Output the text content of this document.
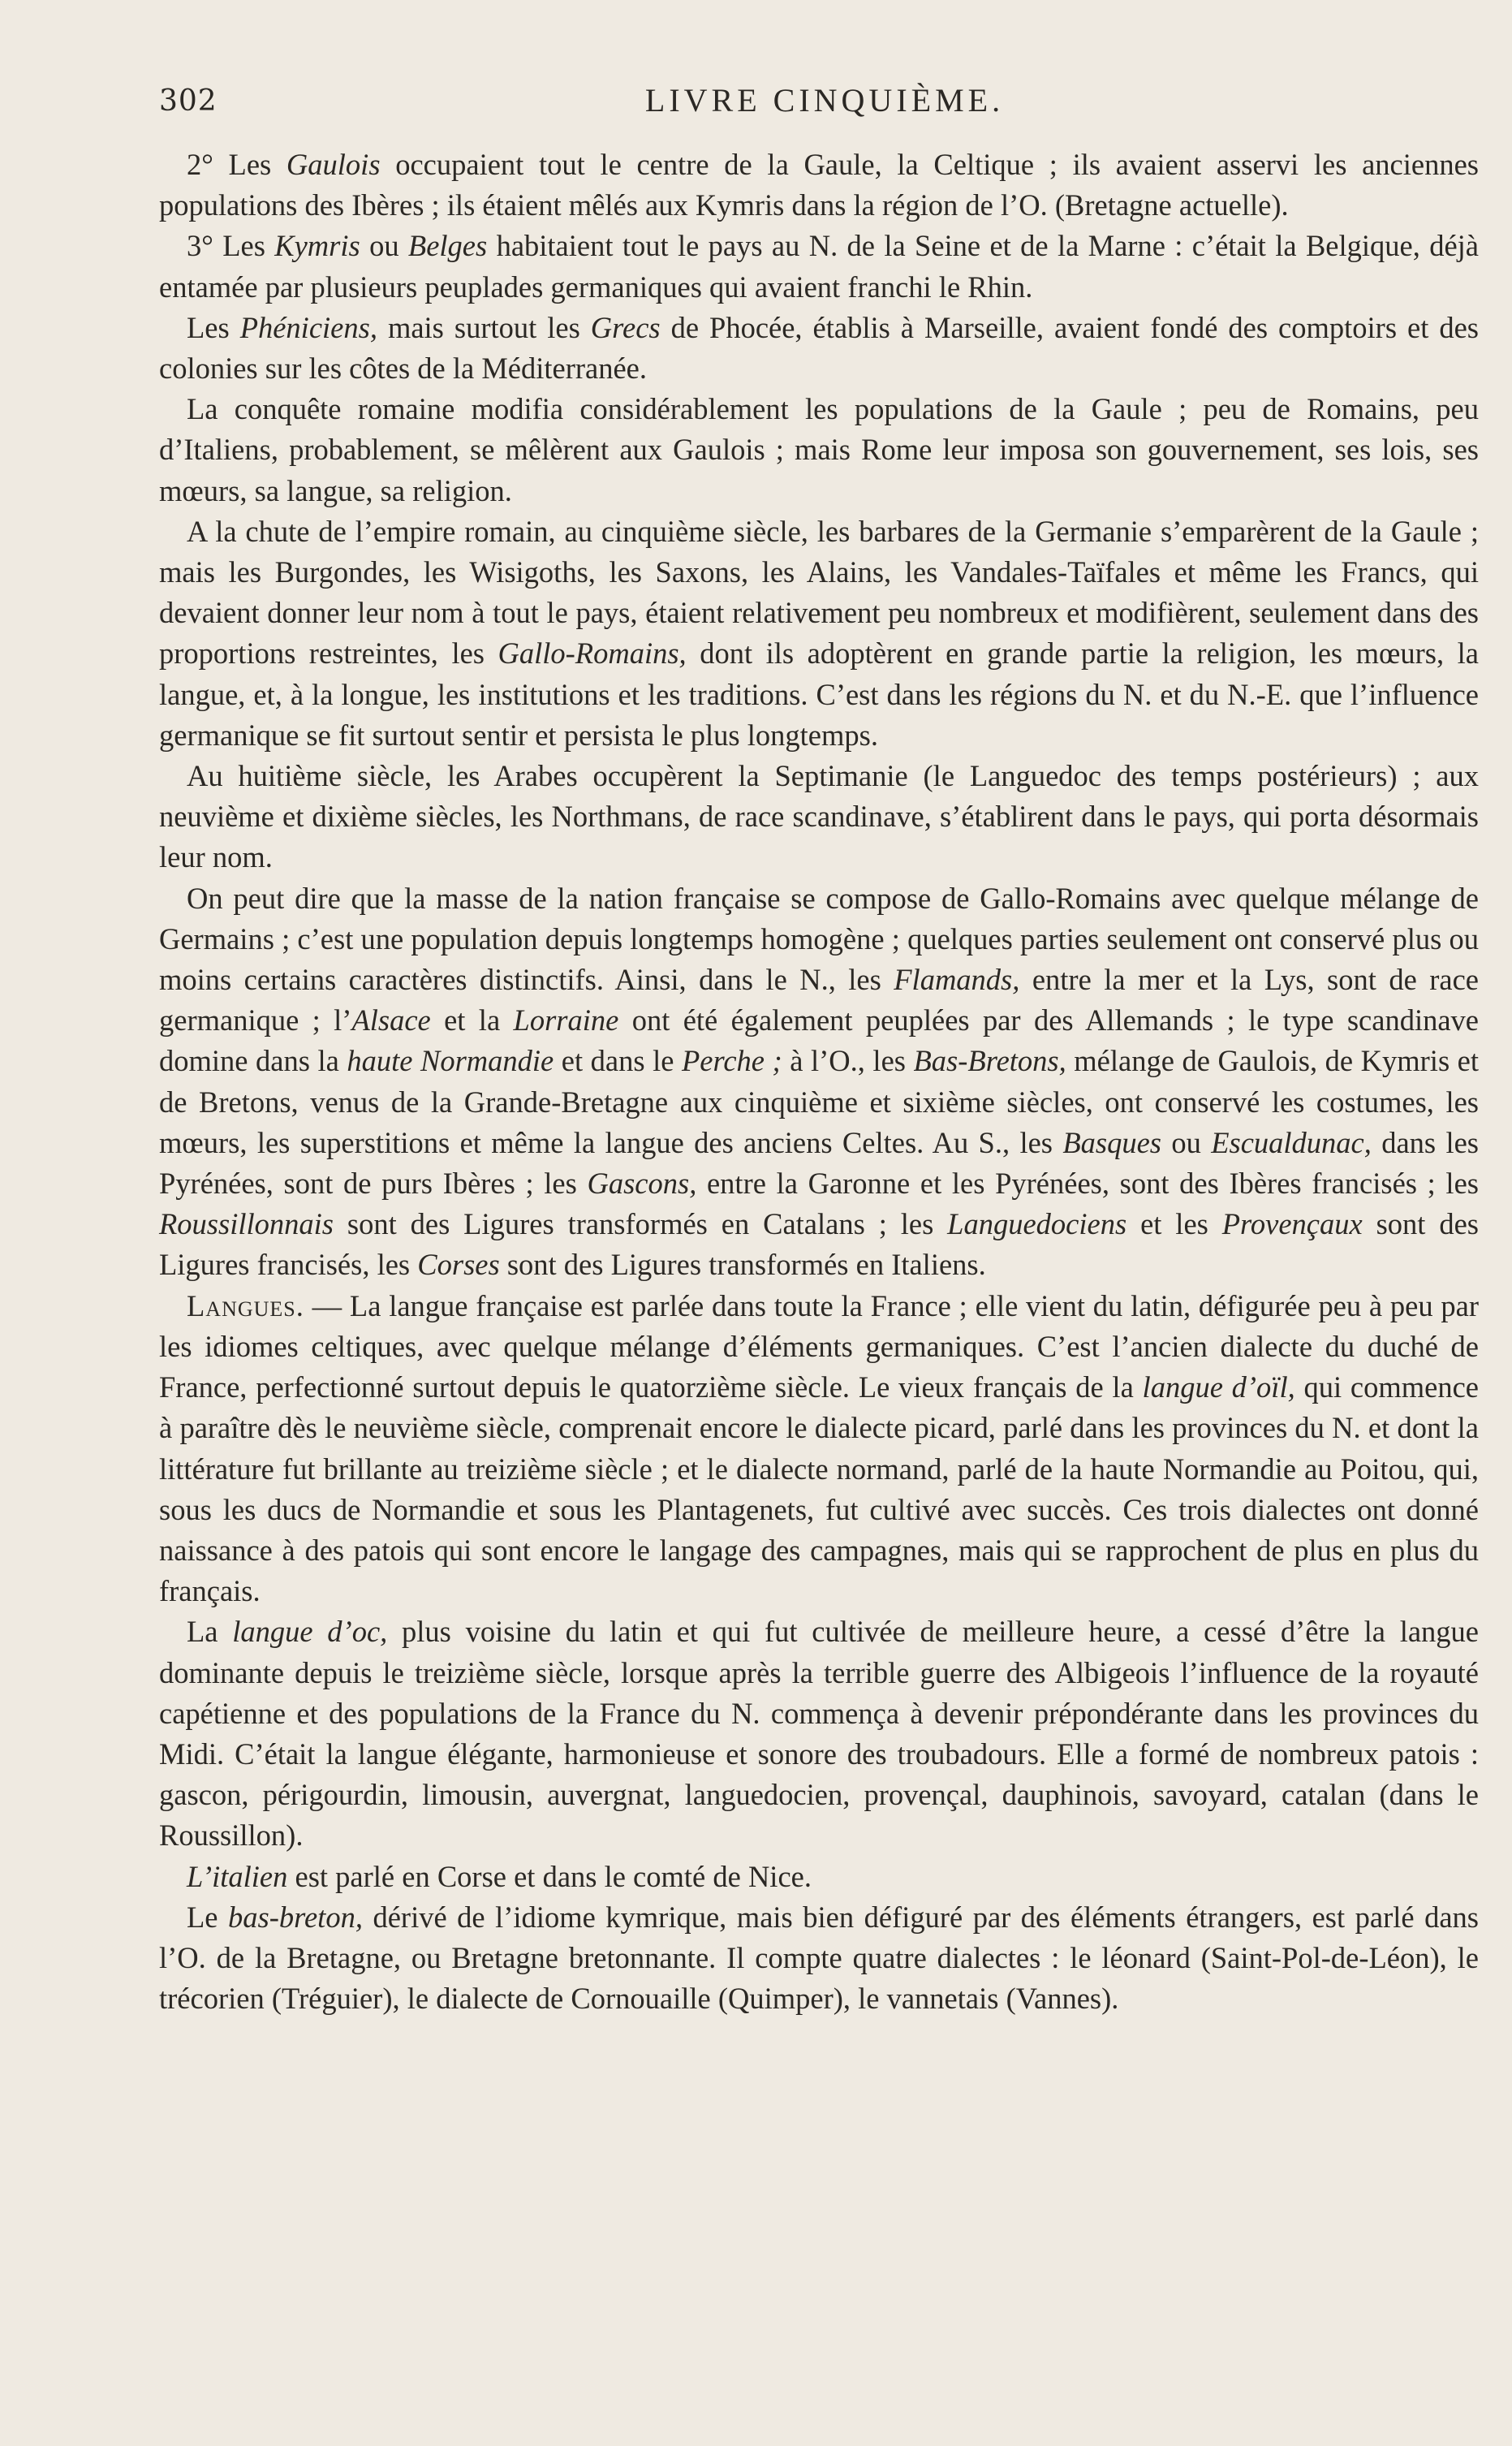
302	LIVRE CINQUIÈME.

2° Les Gaulois occupaient tout le centre de la Gaule, la Celtique ; ils avaient asservi les anciennes populations des Ibères ; ils étaient mêlés aux Kymris dans la région de l’O. (Bretagne actuelle).

3° Les Kymris ou Belges habitaient tout le pays au N. de la Seine et de la Marne : c’était la Belgique, déjà entamée par plusieurs peuplades germaniques qui avaient franchi le Rhin.

Les Phéniciens, mais surtout les Grecs de Phocée, établis à Marseille, avaient fondé des comptoirs et des colonies sur les côtes de la Méditerranée.

La conquête romaine modifia considérablement les populations de la Gaule ; peu de Romains, peu d’Italiens, probablement, se mêlèrent aux Gaulois ; mais Rome leur imposa son gouvernement, ses lois, ses mœurs, sa langue, sa religion.

A la chute de l’empire romain, au cinquième siècle, les barbares de la Germanie s’emparèrent de la Gaule ; mais les Burgondes, les Wisigoths, les Saxons, les Alains, les Vandales-Taïfales et même les Francs, qui devaient donner leur nom à tout le pays, étaient relativement peu nombreux et modifièrent, seulement dans des proportions restreintes, les Gallo-Romains, dont ils adoptèrent en grande partie la religion, les mœurs, la langue, et, à la longue, les institutions et les traditions. C’est dans les régions du N. et du N.-E. que l’influence germanique se fit surtout sentir et persista le plus longtemps.

Au huitième siècle, les Arabes occupèrent la Septimanie (le Languedoc des temps postérieurs) ; aux neuvième et dixième siècles, les Northmans, de race scandinave, s’établirent dans le pays, qui porta désormais leur nom.

On peut dire que la masse de la nation française se compose de Gallo-Romains avec quelque mélange de Germains ; c’est une population depuis longtemps homogène ; quelques parties seulement ont conservé plus ou moins certains caractères distinctifs. Ainsi, dans le N., les Flamands, entre la mer et la Lys, sont de race germanique ; l’Alsace et la Lorraine ont été également peuplées par des Allemands ; le type scandinave domine dans la haute Normandie et dans le Perche ; à l’O., les Bas-Bretons, mélange de Gaulois, de Kymris et de Bretons, venus de la Grande-Bretagne aux cinquième et sixième siècles, ont conservé les costumes, les mœurs, les superstitions et même la langue des anciens Celtes. Au S., les Basques ou Escualdunac, dans les Pyrénées, sont de purs Ibères ; les Gascons, entre la Garonne et les Pyrénées, sont des Ibères francisés ; les Roussillonnais sont des Ligures transformés en Catalans ; les Languedociens et les Provençaux sont des Ligures francisés, les Corses sont des Ligures transformés en Italiens.

Langues. — La langue française est parlée dans toute la France ; elle vient du latin, défigurée peu à peu par les idiomes celtiques, avec quelque mélange d’éléments germaniques. C’est l’ancien dialecte du duché de France, perfectionné surtout depuis le quatorzième siècle. Le vieux français de la langue d’oïl, qui commence à paraître dès le neuvième siècle, comprenait encore le dialecte picard, parlé dans les provinces du N. et dont la littérature fut brillante au treizième siècle ; et le dialecte normand, parlé de la haute Normandie au Poitou, qui, sous les ducs de Normandie et sous les Plantagenets, fut cultivé avec succès. Ces trois dialectes ont donné naissance à des patois qui sont encore le langage des campagnes, mais qui se rapprochent de plus en plus du français.

La langue d’oc, plus voisine du latin et qui fut cultivée de meilleure heure, a cessé d’être la langue dominante depuis le treizième siècle, lorsque après la terrible guerre des Albigeois l’influence de la royauté capétienne et des populations de la France du N. commença à devenir prépondérante dans les provinces du Midi. C’était la langue élégante, harmonieuse et sonore des troubadours. Elle a formé de nombreux patois : gascon, périgourdin, limousin, auvergnat, languedocien, provençal, dauphinois, savoyard, catalan (dans le Roussillon).

L’italien est parlé en Corse et dans le comté de Nice.

Le bas-breton, dérivé de l’idiome kymrique, mais bien défiguré par des éléments étrangers, est parlé dans l’O. de la Bretagne, ou Bretagne bretonnante. Il compte quatre dialectes : le léonard (Saint-Pol-de-Léon), le trécorien (Tréguier), le dialecte de Cornouaille (Quimper), le vannetais (Vannes).
